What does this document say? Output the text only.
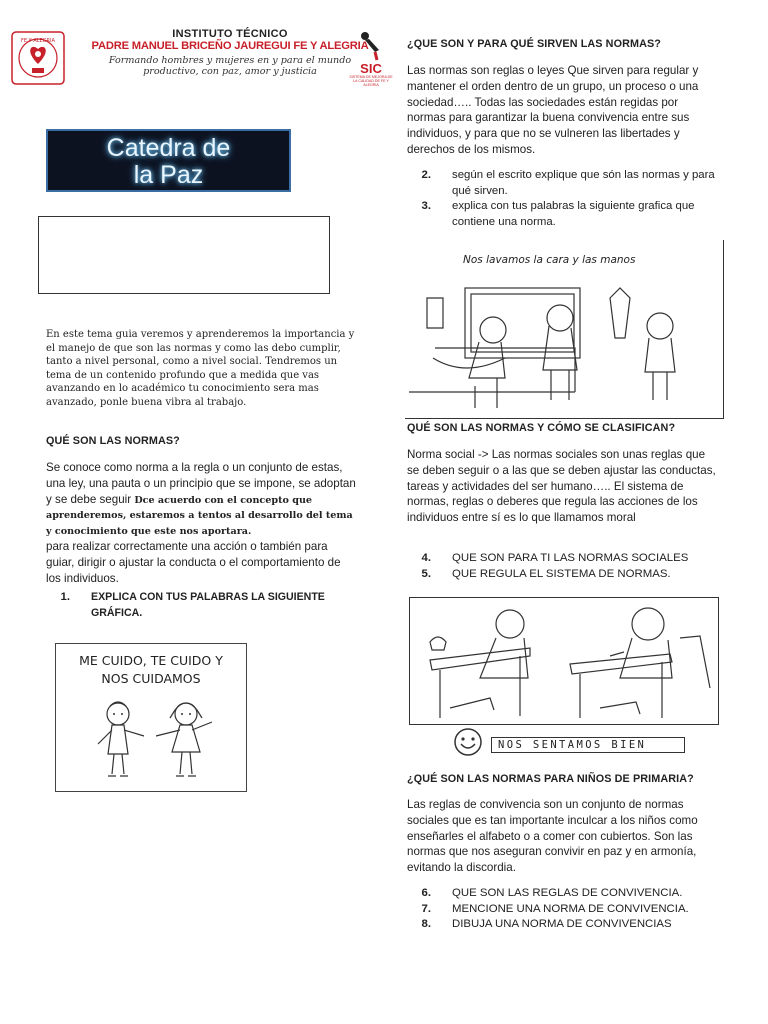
FE Y ALEGRIA
INSTITUTO TÉCNICO
PADRE MANUEL BRICEÑO JAUREGUI FE Y ALEGRIA
Formando hombres y mujeres en y para el mundo
productivo, con paz, amor y justicia	SIC
SISTEMA DE MEJORA DE LA CALIDAD DE FE Y ALEGRIA
Catedra de
la Paz

En este tema guia veremos y aprenderemos la importancia y el manejo de que son las normas y como las debo cumplir, tanto a nivel personal, como a nivel social. Tendremos un tema de un contenido profundo que a medida que vas avanzando en lo académico tu conocimiento sera mas avanzado, ponle buena vibra al trabajo.

QUÉ SON LAS NORMAS?

Se conoce como norma a la regla o un conjunto de estas, una ley, una pauta o un principio que se impone, se adoptan y se debe seguir Dce acuerdo con el concepto que aprenderemos, estaremos a tentos al desarrollo del tema y conocimiento que este nos aportara.
para realizar correctamente una acción o también para guiar, dirigir o ajustar la conducta o el comportamiento de los individuos.

1. EXPLICA CON TUS PALABRAS LA SIGUIENTE GRÁFICA.
ME CUIDO, TE CUIDO Y
NOS CUIDAMOS

¿QUE SON Y PARA QUÉ SIRVEN LAS NORMAS?

Las normas son reglas o leyes Que sirven para regular y mantener el orden dentro de un grupo, un proceso o una sociedad….. Todas las sociedades están regidas por normas para garantizar la buena convivencia entre sus individuos, y para que no se vulneren las libertades y derechos de los mismos.

2. según el escrito explique que són las normas y para qué sirven.
3. explica con tus palabras la siguiente grafica que contiene una norma.
Nos lavamos la cara y las manos

QUÉ SON LAS NORMAS Y CÓMO SE CLASIFICAN?

Norma social -> Las normas sociales son unas reglas que se deben seguir o a las que se deben ajustar las conductas, tareas y actividades del ser humano….. El sistema de normas, reglas o deberes que regula las acciones de los individuos entre sí es lo que llamamos moral

4. QUE SON PARA TI LAS NORMAS SOCIALES
5. QUE REGULA EL SISTEMA DE NORMAS.
NOS SENTAMOS BIEN

¿QUÉ SON LAS NORMAS PARA NIÑOS DE PRIMARIA?

Las reglas de convivencia son un conjunto de normas sociales que es tan importante inculcar a los niños como enseñarles el alfabeto o a comer con cubiertos. Son las normas que nos aseguran convivir en paz y en armonía, evitando la discordia.

6. QUE SON LAS REGLAS DE CONVIVENCIA.
7. MENCIONE UNA NORMA DE CONVIVENCIA.
8. DIBUJA UNA NORMA DE CONVIVENCIAS
